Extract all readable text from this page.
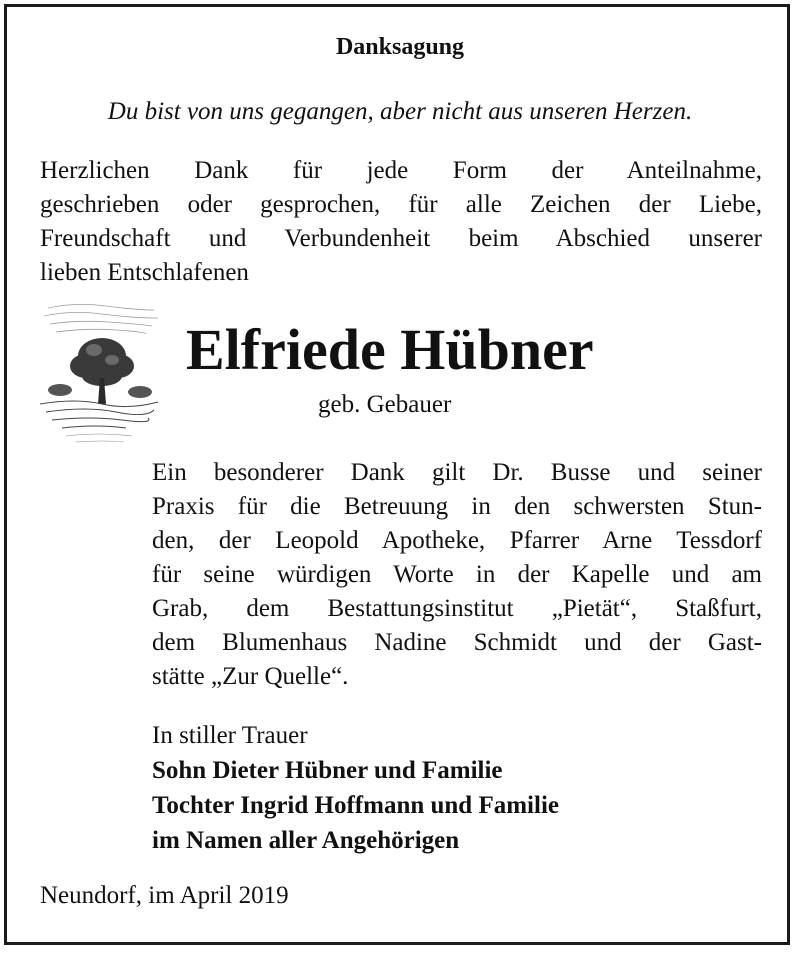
Danksagung
Du bist von uns gegangen, aber nicht aus unseren Herzen.
Herzlichen Dank für jede Form der Anteilnahme,
geschrieben oder gesprochen, für alle Zeichen der Liebe,
Freundschaft und Verbundenheit beim Abschied unserer
lieben Entschlafenen
Elfriede Hübner
geb. Gebauer
Ein besonderer Dank gilt Dr. Busse und seiner
Praxis für die Betreuung in den schwersten Stun-
den, der Leopold Apotheke, Pfarrer Arne Tessdorf
für seine würdigen Worte in der Kapelle und am
Grab, dem Bestattungsinstitut „Pietät“, Staßfurt,
dem Blumenhaus Nadine Schmidt und der Gast-
stätte „Zur Quelle“.
In stiller Trauer
Sohn Dieter Hübner und Familie
Tochter Ingrid Hoffmann und Familie
im Namen aller Angehörigen
Neundorf, im April 2019
